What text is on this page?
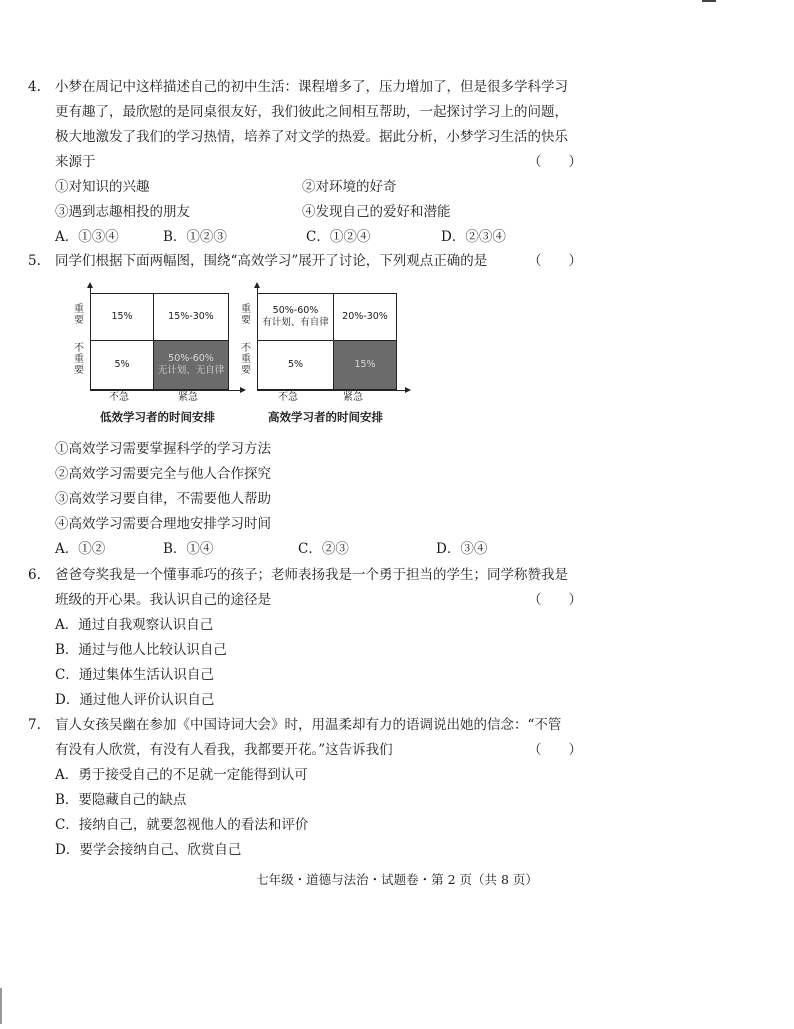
4. 小梦在周记中这样描述自己的初中生活：课程增多了，压力增加了，但是很多学科学习
更有趣了，最欣慰的是同桌很友好，我们彼此之间相互帮助，一起探讨学习上的问题，
极大地激发了我们的学习热情，培养了对文学的热爱。据此分析，小梦学习生活的快乐
来源于	（　　）
①对知识的兴趣	②对环境的好奇
③遇到志趣相投的朋友	④发现自己的爱好和潜能
A．①③④	B．①②③	C．①②④	D．②③④
5. 同学们根据下面两幅图，围绕“高效学习”展开了讨论，下列观点正确的是	（　　）
15%	15%-30%
5%
50%-60%
无计划、无自律
重
要
不
重
要
不急	紧急
低效学习者的时间安排
50%-60%
有计划、有自律
20%-30%
5%	15%
重
要
不
重
要
不急	紧急
高效学习者的时间安排
①高效学习需要掌握科学的学习方法
②高效学习需要完全与他人合作探究
③高效学习要自律，不需要他人帮助
④高效学习需要合理地安排学习时间
A．①②	B．①④	C．②③	D．③④
6. 爸爸夸奖我是一个懂事乖巧的孩子；老师表扬我是一个勇于担当的学生；同学称赞我是
班级的开心果。我认识自己的途径是	（　　）
A．通过自我观察认识自己
B．通过与他人比较认识自己
C．通过集体生活认识自己
D．通过他人评价认识自己
7. 盲人女孩吴幽在参加《中国诗词大会》时，用温柔却有力的语调说出她的信念：“不管
有没有人欣赏，有没有人看我，我都要开花。”这告诉我们	（　　）
A．勇于接受自己的不足就一定能得到认可
B．要隐藏自己的缺点
C．接纳自己，就要忽视他人的看法和评价
D．要学会接纳自己、欣赏自己
七年级・道德与法治・试题卷・第 2 页（共 8 页）
